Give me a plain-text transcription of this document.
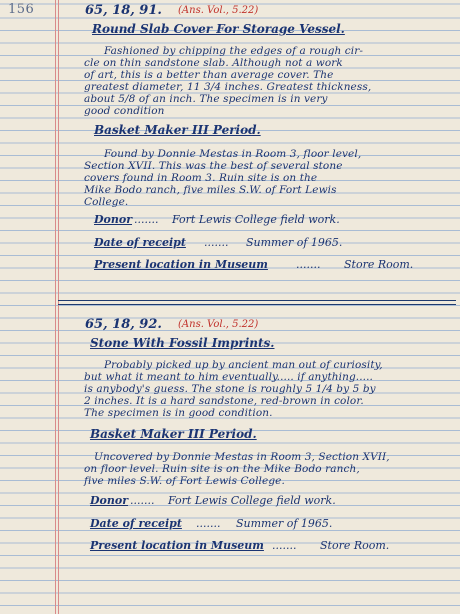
156	65, 18, 91. (Ans. Vol., 5.22)
Round Slab Cover For Storage Vessel.
Fashioned by chipping the edges of a rough cir-
cle on thin sandstone slab. Although not a work
of art, this is a better than average cover. The
greatest diameter, 11 3/4 inches. Greatest thickness,
about 5/8 of an inch. The specimen is in very
good condition
Basket Maker III Period.
Found by Donnie Mestas in Room 3, floor level,
Section XVII. This was the best of several stone
covers found in Room 3. Ruin site is on the
Mike Bodo ranch, five miles S.W. of Fort Lewis
College.
Donor ....... Fort Lewis College field work.
Date of receipt ....... Summer of 1965.
Present location in Museum	....... Store Room.
65, 18, 92. (Ans. Vol., 5.22)
Stone With Fossil Imprints.
Probably picked up by ancient man out of curiosity,
but what it meant to him eventually..... if anything.....
is anybody's guess. The stone is roughly 5 1/4 by 5 by
2 inches. It is a hard sandstone, red-brown in color.
The specimen is in good condition.
Basket Maker III Period.
Uncovered by Donnie Mestas in Room 3, Section XVII,
on floor level. Ruin site is on the Mike Bodo ranch,
five miles S.W. of Fort Lewis College.
Donor ....... Fort Lewis College field work.
Date of receipt ....... Summer of 1965.
Present location in Museum ....... Store Room.
